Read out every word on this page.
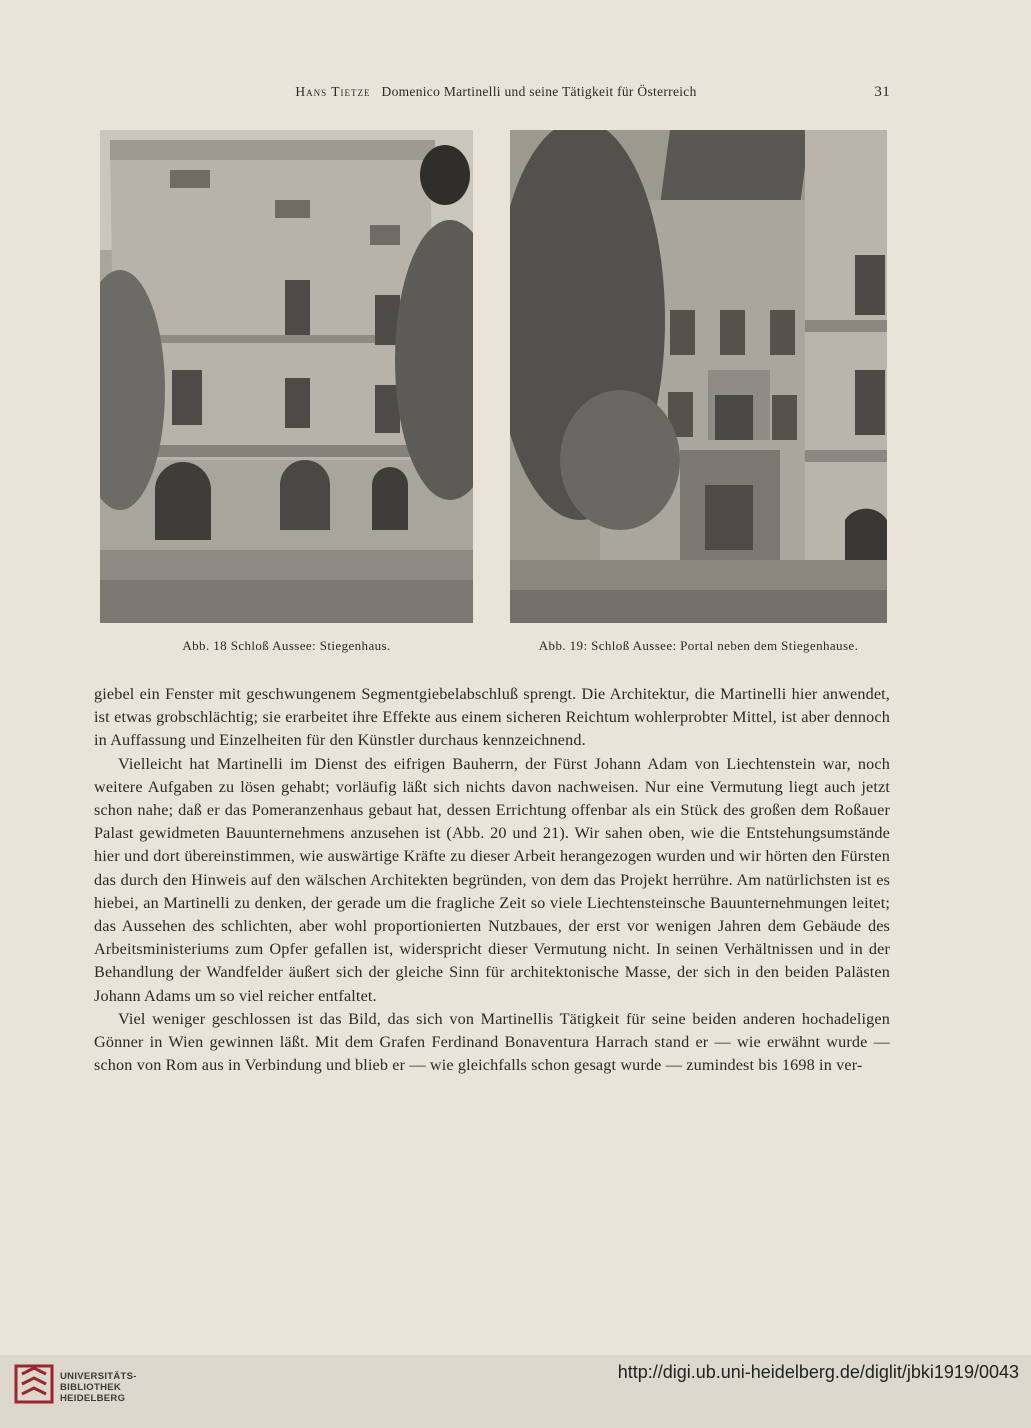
Hans Tietze Domenico Martinelli und seine Tätigkeit für Österreich	31
Abb. 18 Schloß Aussee: Stiegenhaus.	Abb. 19: Schloß Aussee: Portal neben dem Stiegenhause.

giebel ein Fenster mit geschwungenem Segmentgiebelabschluß sprengt. Die Architektur, die Martinelli hier anwendet, ist etwas grobschlächtig; sie erarbeitet ihre Effekte aus einem sicheren Reichtum wohlerprobter Mittel, ist aber dennoch in Auffassung und Einzelheiten für den Künstler durchaus kennzeichnend.

Vielleicht hat Martinelli im Dienst des eifrigen Bauherrn, der Fürst Johann Adam von Liechtenstein war, noch weitere Aufgaben zu lösen gehabt; vorläufig läßt sich nichts davon nachweisen. Nur eine Vermutung liegt auch jetzt schon nahe; daß er das Pomeranzenhaus gebaut hat, dessen Errichtung offenbar als ein Stück des großen dem Roßauer Palast gewidmeten Bauunternehmens anzusehen ist (Abb. 20 und 21). Wir sahen oben, wie die Entstehungsumstände hier und dort übereinstimmen, wie auswärtige Kräfte zu dieser Arbeit herangezogen wurden und wir hörten den Fürsten das durch den Hinweis auf den wälschen Architekten begründen, von dem das Projekt herrühre. Am natürlichsten ist es hiebei, an Martinelli zu denken, der gerade um die fragliche Zeit so viele Liechtensteinsche Bauunternehmungen leitet; das Aussehen des schlichten, aber wohl proportionierten Nutzbaues, der erst vor wenigen Jahren dem Gebäude des Arbeitsministeriums zum Opfer gefallen ist, widerspricht dieser Vermutung nicht. In seinen Verhältnissen und in der Behandlung der Wandfelder äußert sich der gleiche Sinn für architektonische Masse, der sich in den beiden Palästen Johann Adams um so viel reicher entfaltet.

Viel weniger geschlossen ist das Bild, das sich von Martinellis Tätigkeit für seine beiden anderen hochadeligen Gönner in Wien gewinnen läßt. Mit dem Grafen Ferdinand Bonaventura Harrach stand er — wie erwähnt wurde — schon von Rom aus in Verbindung und blieb er — wie gleichfalls schon gesagt wurde — zumindest bis 1698 in ver-

UNIVERSITÄTS-
BIBLIOTHEK
HEIDELBERG
http://digi.ub.uni-heidelberg.de/diglit/jbki1919/0043
